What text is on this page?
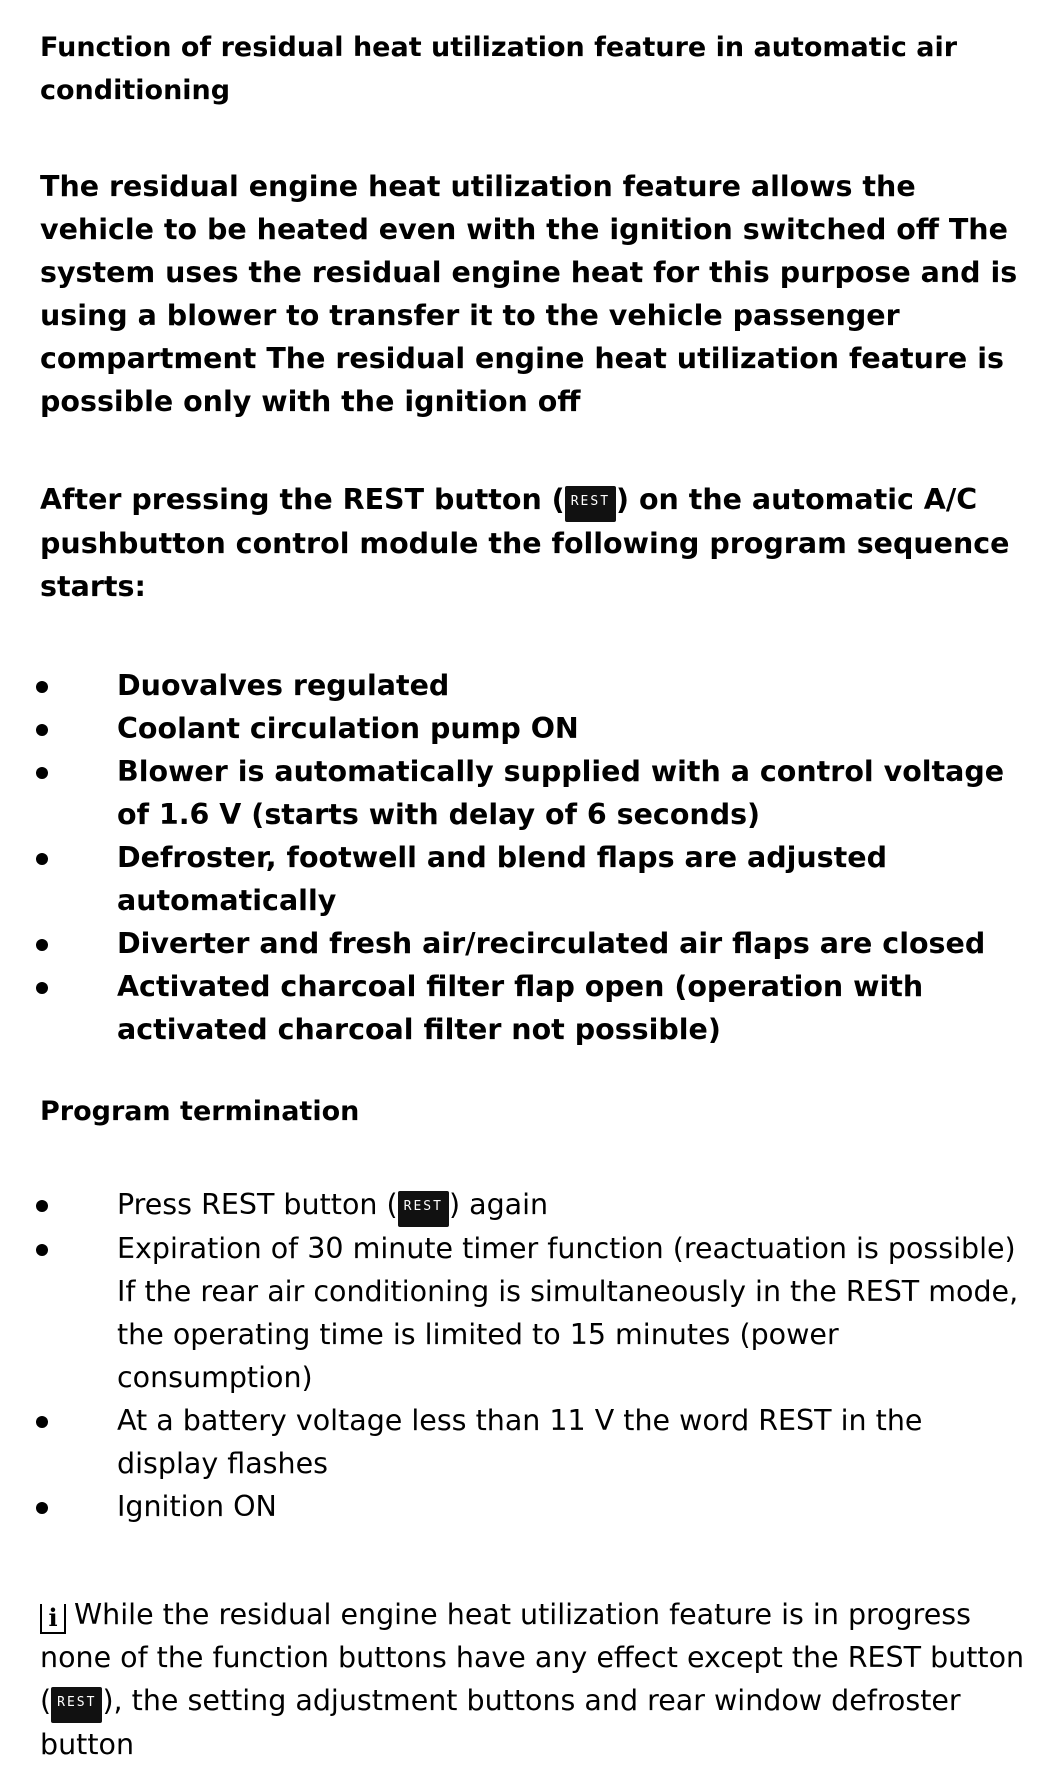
Function of residual heat utilization feature in automatic air conditioning

The residual engine heat utilization feature allows the vehicle to be heated even with the ignition switched off The system uses the residual engine heat for this purpose and is using a blower to transfer it to the vehicle passenger compartment The residual engine heat utilization feature is possible only with the ignition off

After pressing the REST button ( REST ) on the automatic A/C pushbutton control module the following program sequence starts:

Duovalves regulated
Coolant circulation pump ON
Blower is automatically supplied with a control voltage of 1.6 V (starts with delay of 6 seconds)
Defroster, footwell and blend flaps are adjusted automatically
Diverter and fresh air/recirculated air flaps are closed
Activated charcoal filter flap open (operation with activated charcoal filter not possible)

Program termination

Press REST button ( REST ) again
Expiration of 30 minute timer function (reactuation is possible) If the rear air conditioning is simultaneously in the REST mode, the operating time is limited to 15 minutes (power consumption)
At a battery voltage less than 11 V the word REST in the display flashes
Ignition ON

i While the residual engine heat utilization feature is in progress none of the function buttons have any effect except the REST button ( REST ), the setting adjustment buttons and rear window defroster button
